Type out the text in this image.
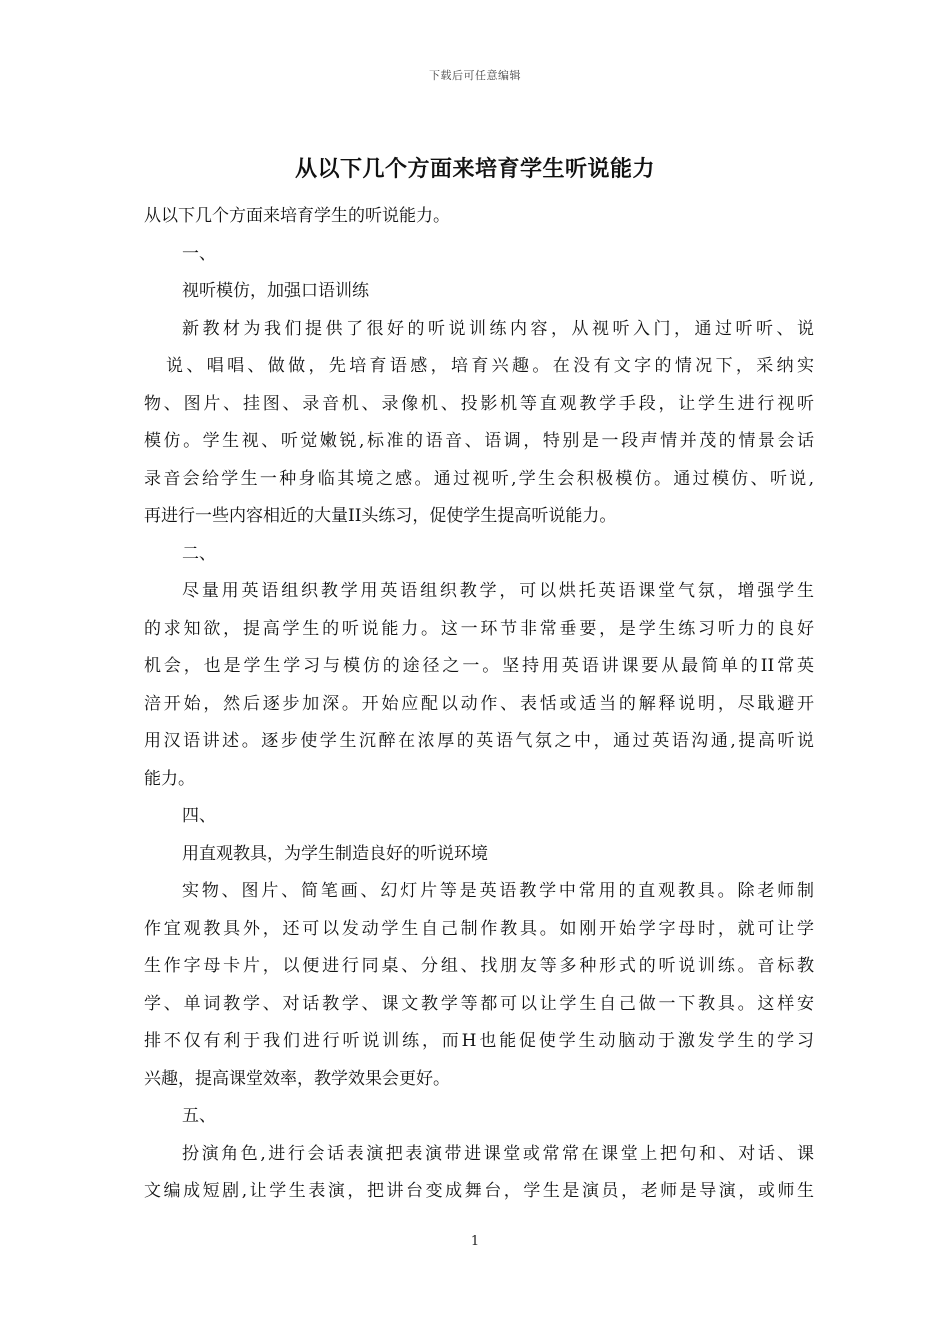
下载后可任意编辑
从以下几个方面来培育学生听说能力

从以下几个方面来培育学生的听说能力。

一、

视听模仿，加强口语训练

新教材为我们提供了很好的听说训练内容，从视听入门，通过听听、说

说、唱唱、做做，先培育语感，培育兴趣。在没有文字的情况下，采纳实

物、图片、挂图、录音机、录像机、投影机等直观教学手段，让学生进行视听

模仿。学生视、听觉嫩锐,标准的语音、语调，特别是一段声情并茂的情景会话

录音会给学生一种身临其境之感。通过视听,学生会积极模仿。通过模仿、听说,

再进行一些内容相近的大量II头练习，促使学生提高听说能力。

二、

尽量用英语组织教学用英语组织教学，可以烘托英语课堂气氛，增强学生

的求知欲，提高学生的听说能力。这一环节非常垂要，是学生练习听力的良好

机会，也是学生学习与模仿的途径之一。坚持用英语讲课要从最简单的II常英

涪开始，然后逐步加深。开始应配以动作、表恬或适当的解释说明，尽戢避开

用汉语讲述。逐步使学生沉醉在浓厚的英语气氛之中，通过英语沟通,提高听说

能力。

四、

用直观教具，为学生制造良好的听说环境

实物、图片、简笔画、幻灯片等是英语教学中常用的直观教具。除老师制

作宜观教具外，还可以发动学生自己制作教具。如刚开始学字母时，就可让学

生作字母卡片，以便进行同桌、分组、找朋友等多种形式的听说训练。音标教

学、单词教学、对话教学、课文教学等都可以让学生自己做一下教具。这样安

排不仅有利于我们进行听说训练，而H也能促使学生动脑动于激发学生的学习

兴趣，提高课堂效率，教学效果会更好。

五、

扮演角色,进行会话表演把表演带进课堂或常常在课堂上把句和、对话、课

文编成短剧,让学生表演，把讲台变成舞台，学生是演员，老师是导演，或师生

1
